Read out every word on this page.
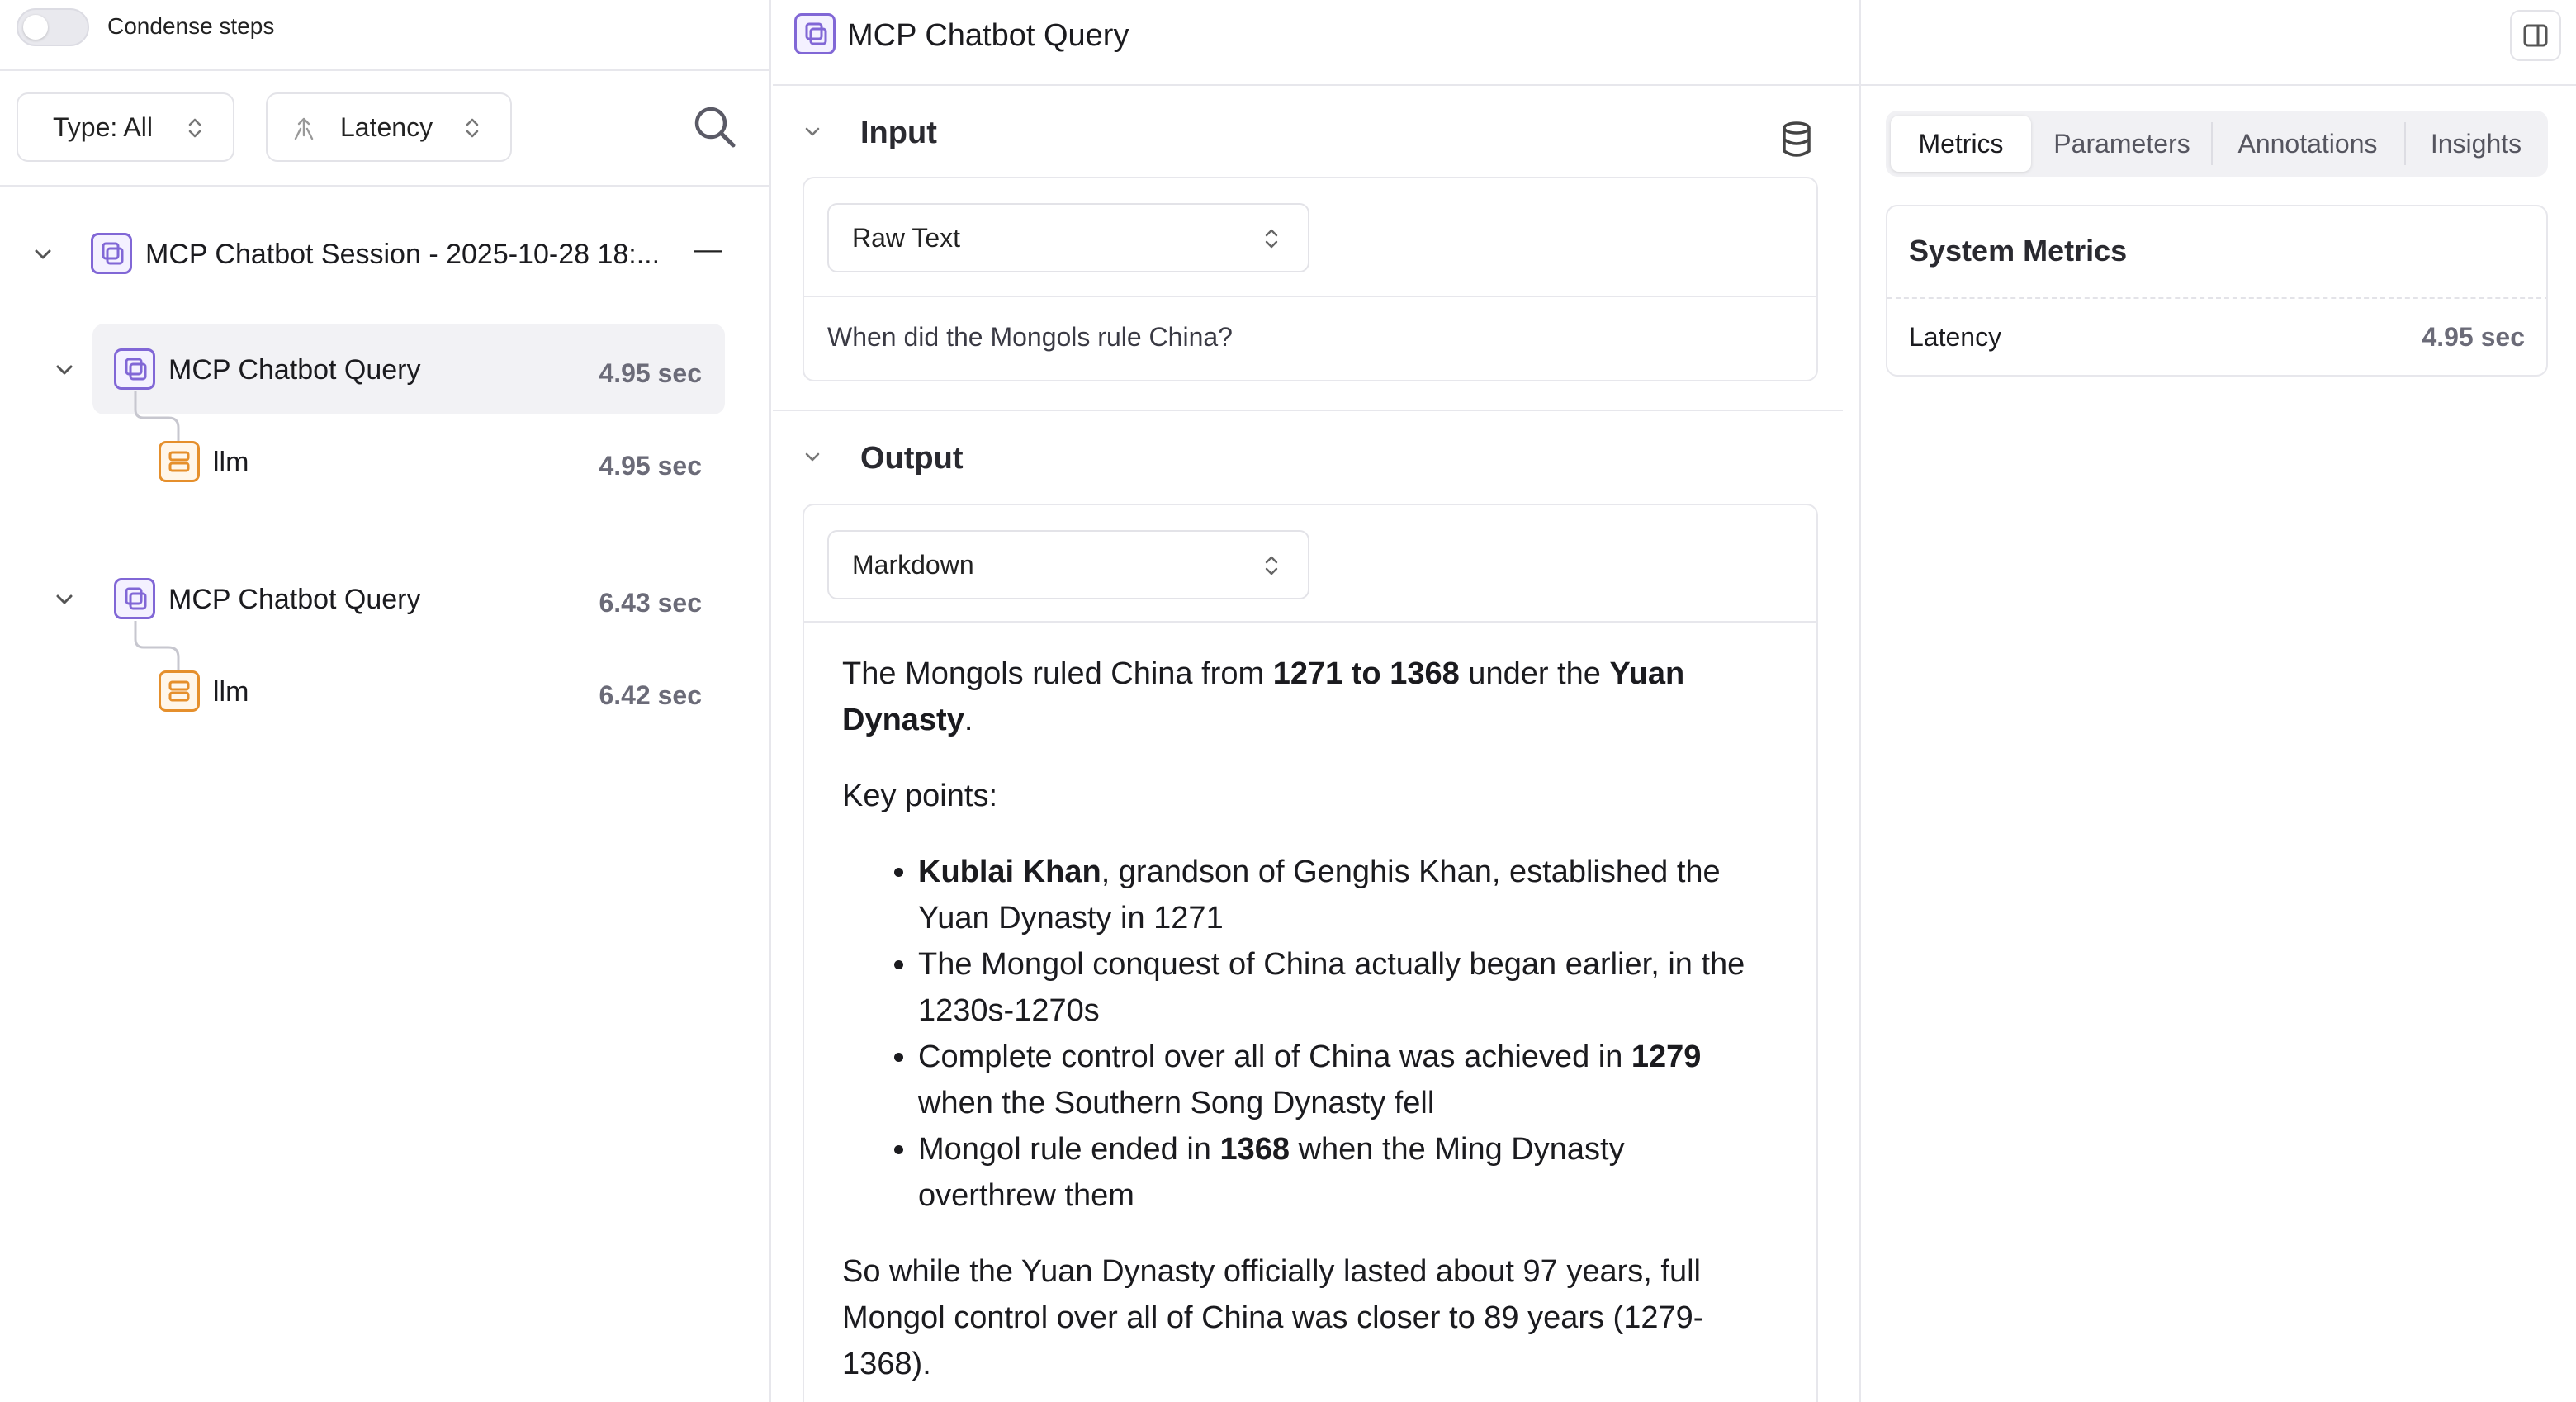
Condense steps
Type: All	Latency
MCP Chatbot Session - 2025-10-28 18:... —
MCP Chatbot Query	4.95 sec
llm	4.95 sec
MCP Chatbot Query	6.43 sec
llm	6.42 sec
MCP Chatbot Query
Input
Raw Text
When did the Mongols rule China?
Output
Markdown

The Mongols ruled China from 1271 to 1368 under the Yuan Dynasty.

Key points:

• Kublai Khan, grandson of Genghis Khan, established the Yuan Dynasty in 1271
• The Mongol conquest of China actually began earlier, in the 1230s-1270s
• Complete control over all of China was achieved in 1279 when the Southern Song Dynasty fell
• Mongol rule ended in 1368 when the Ming Dynasty overthrew them

So while the Yuan Dynasty officially lasted about 97 years, full Mongol control over all of China was closer to 89 years (1279-1368).

Metrics	Parameters	Annotations	Insights
System Metrics
Latency	4.95 sec
